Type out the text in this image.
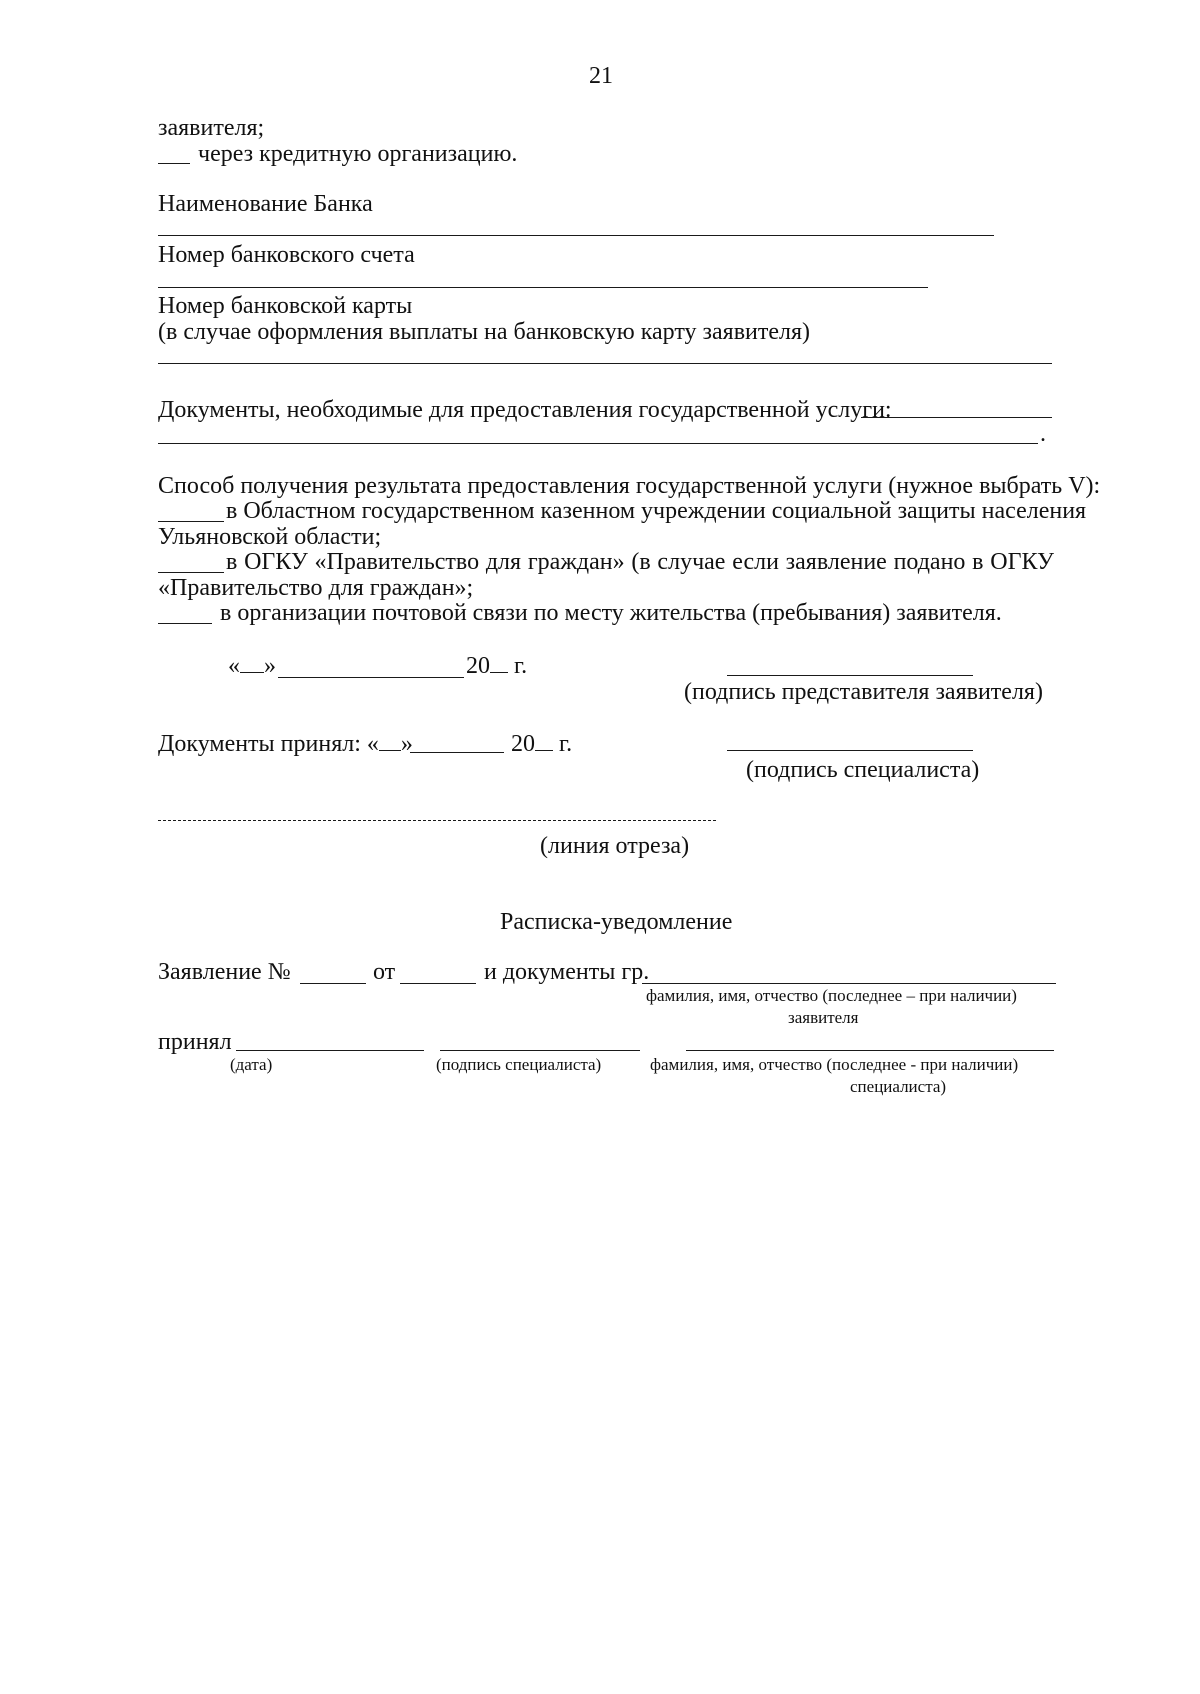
21
заявителя;
через кредитную организацию.
Наименование Банка
Номер банковского счета
Номер банковской карты
(в случае оформления выплаты на банковскую карту заявителя)
Документы, необходимые для предоставления государственной услуги:
.
Способ получения результата предоставления государственной услуги (нужное выбрать V):
в Областном государственном казенном учреждении социальной защиты населения
Ульяновской области;
в ОГКУ «Правительство для граждан» (в случае если заявление подано в ОГКУ
«Правительство для граждан»;
в организации почтовой связи по месту жительства (пребывания) заявителя.
« »	20 г.
(подпись представителя заявителя)
Документы принял: « »	20 г.
(подпись специалиста)
(линия отреза)
Расписка-уведомление
Заявление №	от	и документы гр.
фамилия, имя, отчество (последнее – при наличии)
заявителя
принял
(дата)	(подпись специалиста)	фамилия, имя, отчество (последнее - при наличии)
специалиста)
